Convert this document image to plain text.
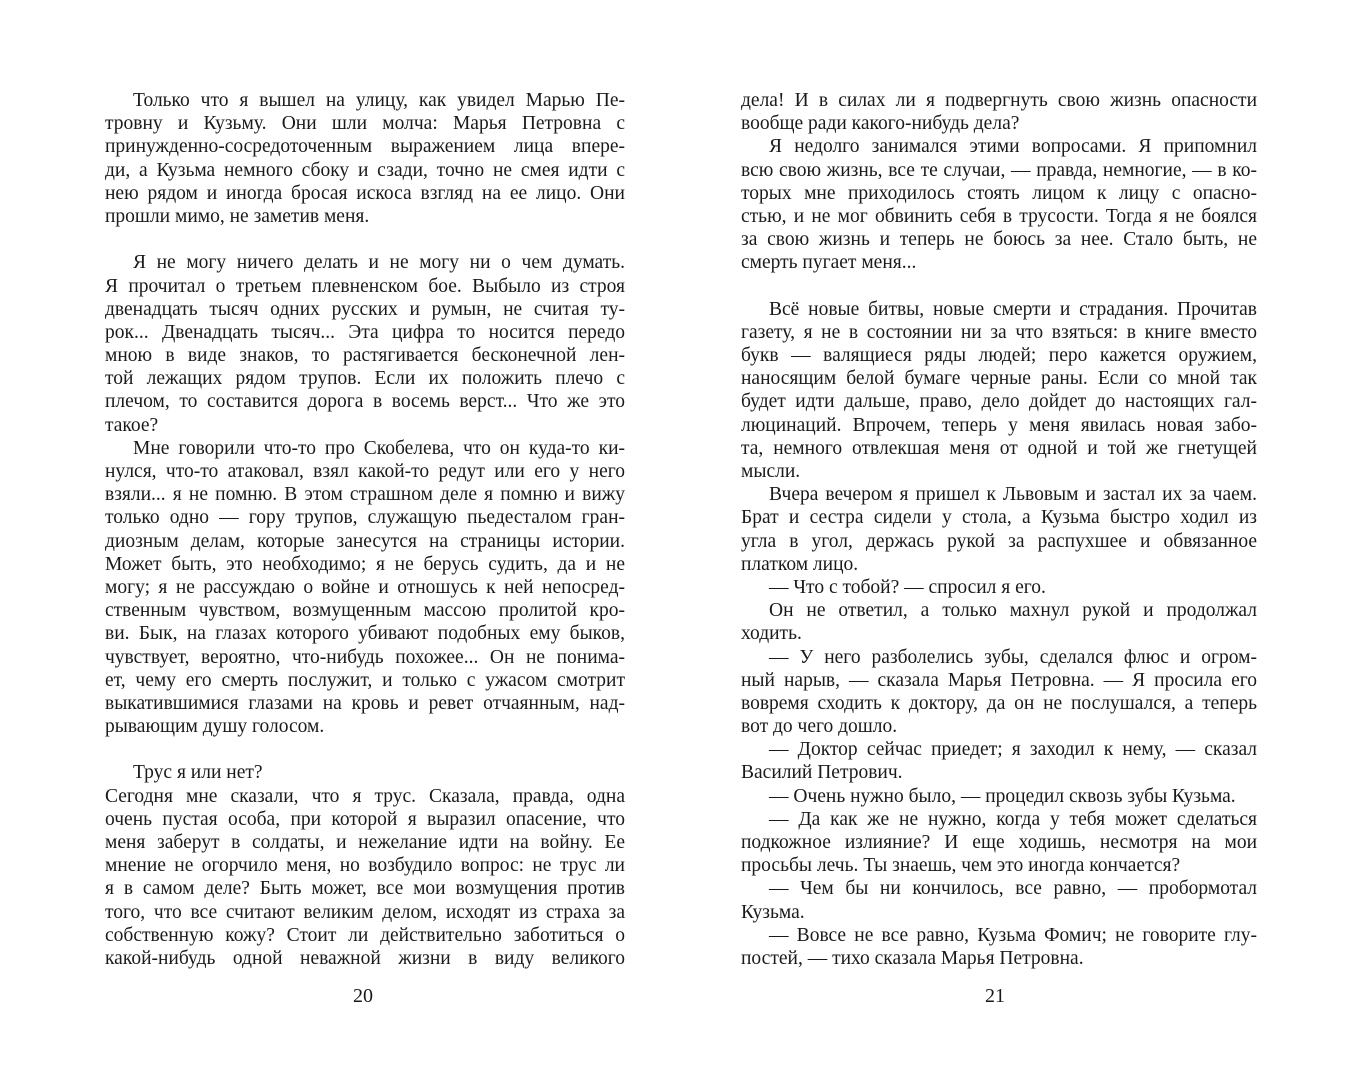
Только что я вышел на улицу, как увидел Марью Пе-
тровну и Кузьму. Они шли молча: Марья Петровна с
принужденно-сосредоточенным выражением лица впере-
ди, а Кузьма немного сбоку и сзади, точно не смея идти с
нею рядом и иногда бросая искоса взгляд на ее лицо. Они
прошли мимо, не заметив меня.
Я не могу ничего делать и не могу ни о чем думать.
Я прочитал о третьем плевненском бое. Выбыло из строя
двенадцать тысяч одних русских и румын, не считая ту-
рок... Двенадцать тысяч... Эта цифра то носится передо
мною в виде знаков, то растягивается бесконечной лен-
той лежащих рядом трупов. Если их положить плечо с
плечом, то составится дорога в восемь верст... Что же это
такое?
Мне говорили что-то про Скобелева, что он куда-то ки-
нулся, что-то атаковал, взял какой-то редут или его у него
взяли... я не помню. В этом страшном деле я помню и вижу
только одно — гору трупов, служащую пьедесталом гран-
диозным делам, которые занесутся на страницы истории.
Может быть, это необходимо; я не берусь судить, да и не
могу; я не рассуждаю о войне и отношусь к ней непосред-
ственным чувством, возмущенным массою пролитой кро-
ви. Бык, на глазах которого убивают подобных ему быков,
чувствует, вероятно, что-нибудь похожее... Он не понима-
ет, чему его смерть послужит, и только с ужасом смотрит
выкатившимися глазами на кровь и ревет отчаянным, над-
рывающим душу голосом.
Трус я или нет?
Сегодня мне сказали, что я трус. Сказала, правда, одна
очень пустая особа, при которой я выразил опасение, что
меня заберут в солдаты, и нежелание идти на войну. Ее
мнение не огорчило меня, но возбудило вопрос: не трус ли
я в самом деле? Быть может, все мои возмущения против
того, что все считают великим делом, исходят из страха за
собственную кожу? Стоит ли действительно заботиться о
какой-нибудь одной неважной жизни в виду великого
дела! И в силах ли я подвергнуть свою жизнь опасности
вообще ради какого-нибудь дела?
Я недолго занимался этими вопросами. Я припомнил
всю свою жизнь, все те случаи, — правда, немногие, — в ко-
торых мне приходилось стоять лицом к лицу с опасно-
стью, и не мог обвинить себя в трусости. Тогда я не боялся
за свою жизнь и теперь не боюсь за нее. Стало быть, не
смерть пугает меня...
Всё новые битвы, новые смерти и страдания. Прочитав
газету, я не в состоянии ни за что взяться: в книге вместо
букв — валящиеся ряды людей; перо кажется оружием,
наносящим белой бумаге черные раны. Если со мной так
будет идти дальше, право, дело дойдет до настоящих гал-
люцинаций. Впрочем, теперь у меня явилась новая забо-
та, немного отвлекшая меня от одной и той же гнетущей
мысли.
Вчера вечером я пришел к Львовым и застал их за чаем.
Брат и сестра сидели у стола, а Кузьма быстро ходил из
угла в угол, держась рукой за распухшее и обвязанное
платком лицо.
— Что с тобой? — спросил я его.
Он не ответил, а только махнул рукой и продолжал
ходить.
— У него разболелись зубы, сделался флюс и огром-
ный нарыв, — сказала Марья Петровна. — Я просила его
вовремя сходить к доктору, да он не послушался, а теперь
вот до чего дошло.
— Доктор сейчас приедет; я заходил к нему, — сказал
Василий Петрович.
— Очень нужно было, — процедил сквозь зубы Кузьма.
— Да как же не нужно, когда у тебя может сделаться
подкожное излияние? И еще ходишь, несмотря на мои
просьбы лечь. Ты знаешь, чем это иногда кончается?
— Чем бы ни кончилось, все равно, — пробормотал
Кузьма.
— Вовсе не все равно, Кузьма Фомич; не говорите глу-
постей, — тихо сказала Марья Петровна.
20	21
